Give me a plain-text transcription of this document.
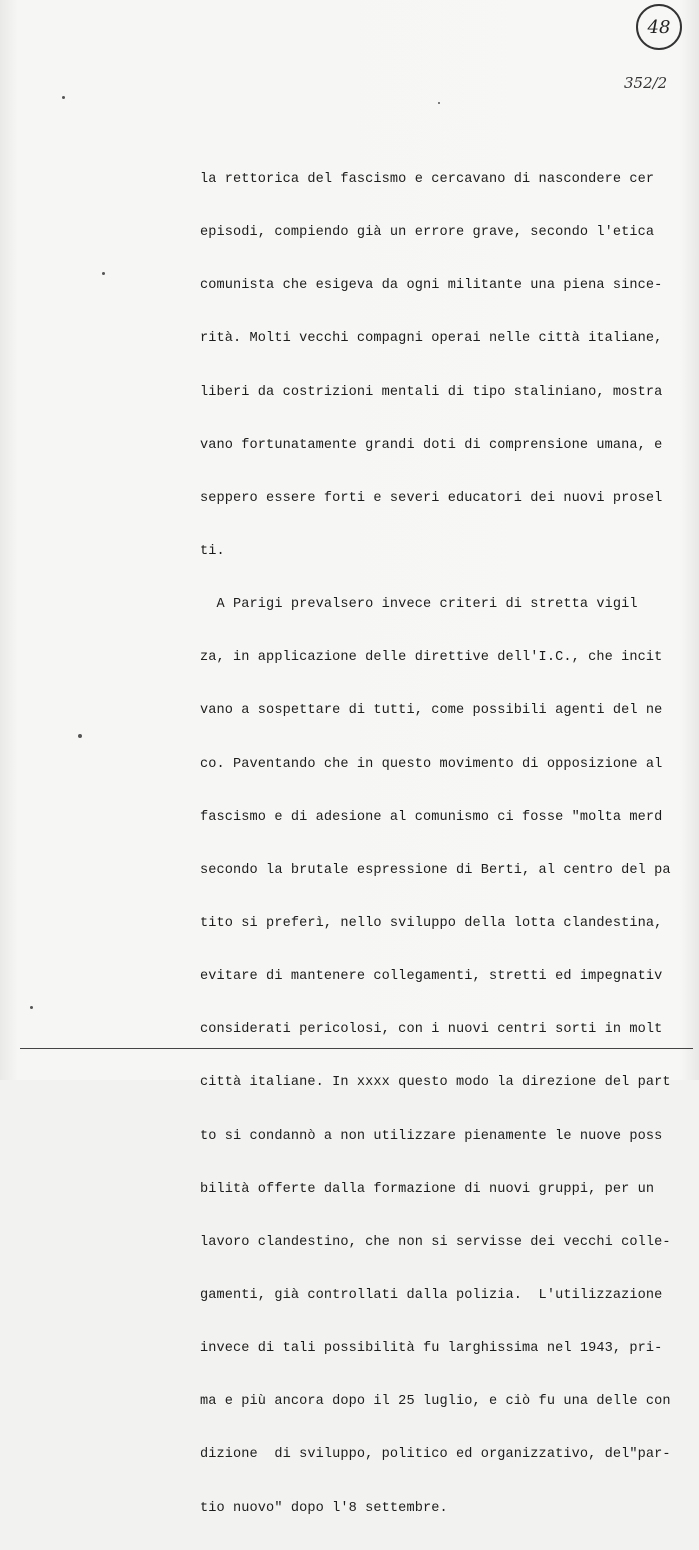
48
352/2

la rettorica del fascismo e cercavano di nascondere cer

episodi, compiendo già un errore grave, secondo l'etica

comunista che esigeva da ogni militante una piena since-

rità. Molti vecchi compagni operai nelle città italiane,

liberi da costrizioni mentali di tipo staliniano, mostra

vano fortunatamente grandi doti di comprensione umana, e

seppero essere forti e severi educatori dei nuovi prosel

ti.

A Parigi prevalsero invece criteri di stretta vigil

za, in applicazione delle direttive dell'I.C., che incit

vano a sospettare di tutti, come possibili agenti del ne

co. Paventando che in questo movimento di opposizione al

fascismo e di adesione al comunismo ci fosse "molta merd

secondo la brutale espressione di Berti, al centro del pa

tito si preferì, nello sviluppo della lotta clandestina,

evitare di mantenere collegamenti, stretti ed impegnativ

considerati pericolosi, con i nuovi centri sorti in molt

città italiane. In xxxx questo modo la direzione del part

to si condannò a non utilizzare pienamente le nuove poss

bilità offerte dalla formazione di nuovi gruppi, per un

lavoro clandestino, che non si servisse dei vecchi colle-

gamenti, già controllati dalla polizia.  L'utilizzazione

invece di tali possibilità fu larghissima nel 1943, pri-

ma e più ancora dopo il 25 luglio, e ciò fu una delle con

dizione  di sviluppo, politico ed organizzativo, del"par-

tio nuovo" dopo l'8 settembre.
